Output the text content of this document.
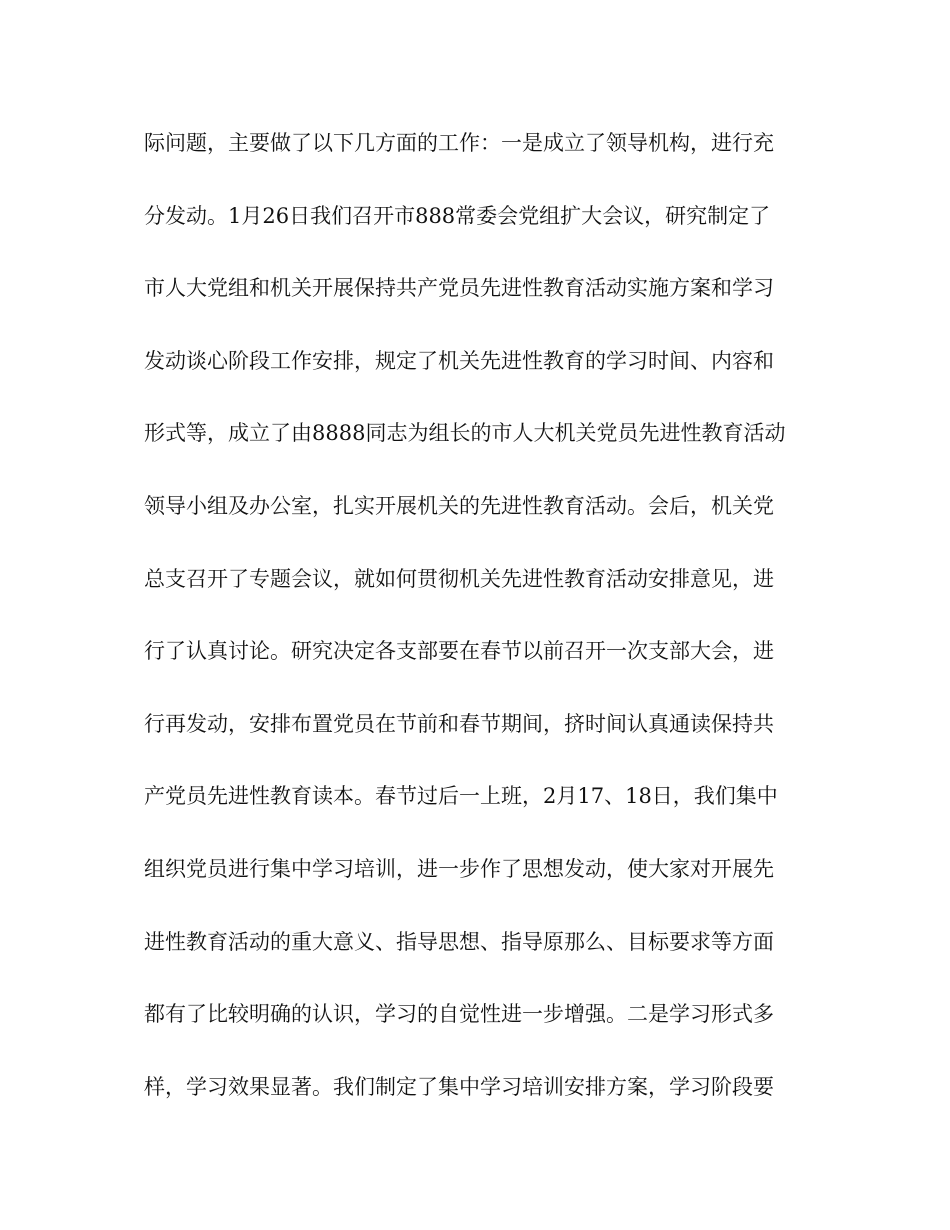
际问题，主要做了以下几方面的工作：一是成立了领导机构，进行充
分发动。1月26日我们召开市888常委会党组扩大会议，研究制定了
市人大党组和机关开展保持共产党员先进性教育活动实施方案和学习
发动谈心阶段工作安排，规定了机关先进性教育的学习时间、内容和
形式等，成立了由8888同志为组长的市人大机关党员先进性教育活动
领导小组及办公室，扎实开展机关的先进性教育活动。会后，机关党
总支召开了专题会议，就如何贯彻机关先进性教育活动安排意见，进
行了认真讨论。研究决定各支部要在春节以前召开一次支部大会，进
行再发动，安排布置党员在节前和春节期间，挤时间认真通读保持共
产党员先进性教育读本。春节过后一上班，2月17、18日，我们集中
组织党员进行集中学习培训，进一步作了思想发动，使大家对开展先
进性教育活动的重大意义、指导思想、指导原那么、目标要求等方面
都有了比较明确的认识，学习的自觉性进一步增强。二是学习形式多
样，学习效果显著。我们制定了集中学习培训安排方案，学习阶段要
